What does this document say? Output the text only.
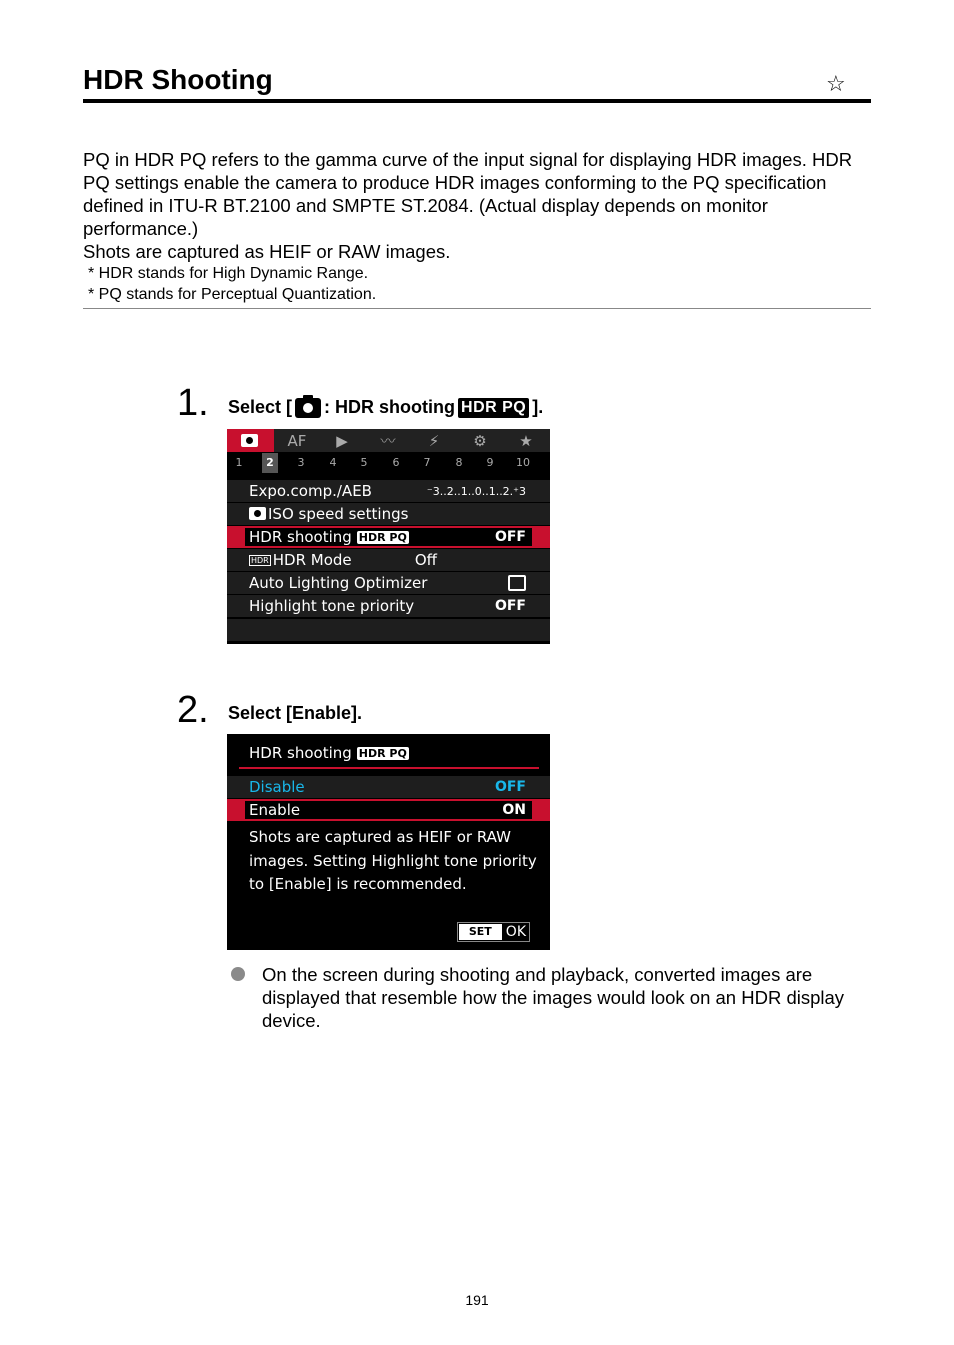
HDR Shooting	☆

PQ in HDR PQ refers to the gamma curve of the input signal for displaying HDR images. HDR PQ settings enable the camera to produce HDR images conforming to the PQ specification defined in ITU-R BT.2100 and SMPTE ST.2084. (Actual display depends on monitor performance.)

Shots are captured as HEIF or RAW images.

* HDR stands for High Dynamic Range.
* PQ stands for Perceptual Quantization.
1. Select [ : HDR shooting HDR PQ ].
AF	▶	〰	⚡	⚙	★
1	2	3	4	5	6	7	8	9	10
Expo.comp./AEB	⁻3..2..1..0..1..2.⁺3
ISO speed settings
HDR shooting HDR PQ	OFF
HDR HDR Mode	Off
Auto Lighting Optimizer
Highlight tone priority	OFF
2. Select [Enable].
HDR shooting HDR PQ
Disable	OFF
Enable	ON
Shots are captured as HEIF or RAW images. Setting Highlight tone priority to [Enable] is recommended.
SET	OK
On the screen during shooting and playback, converted images are displayed that resemble how the images would look on an HDR display device.
191
